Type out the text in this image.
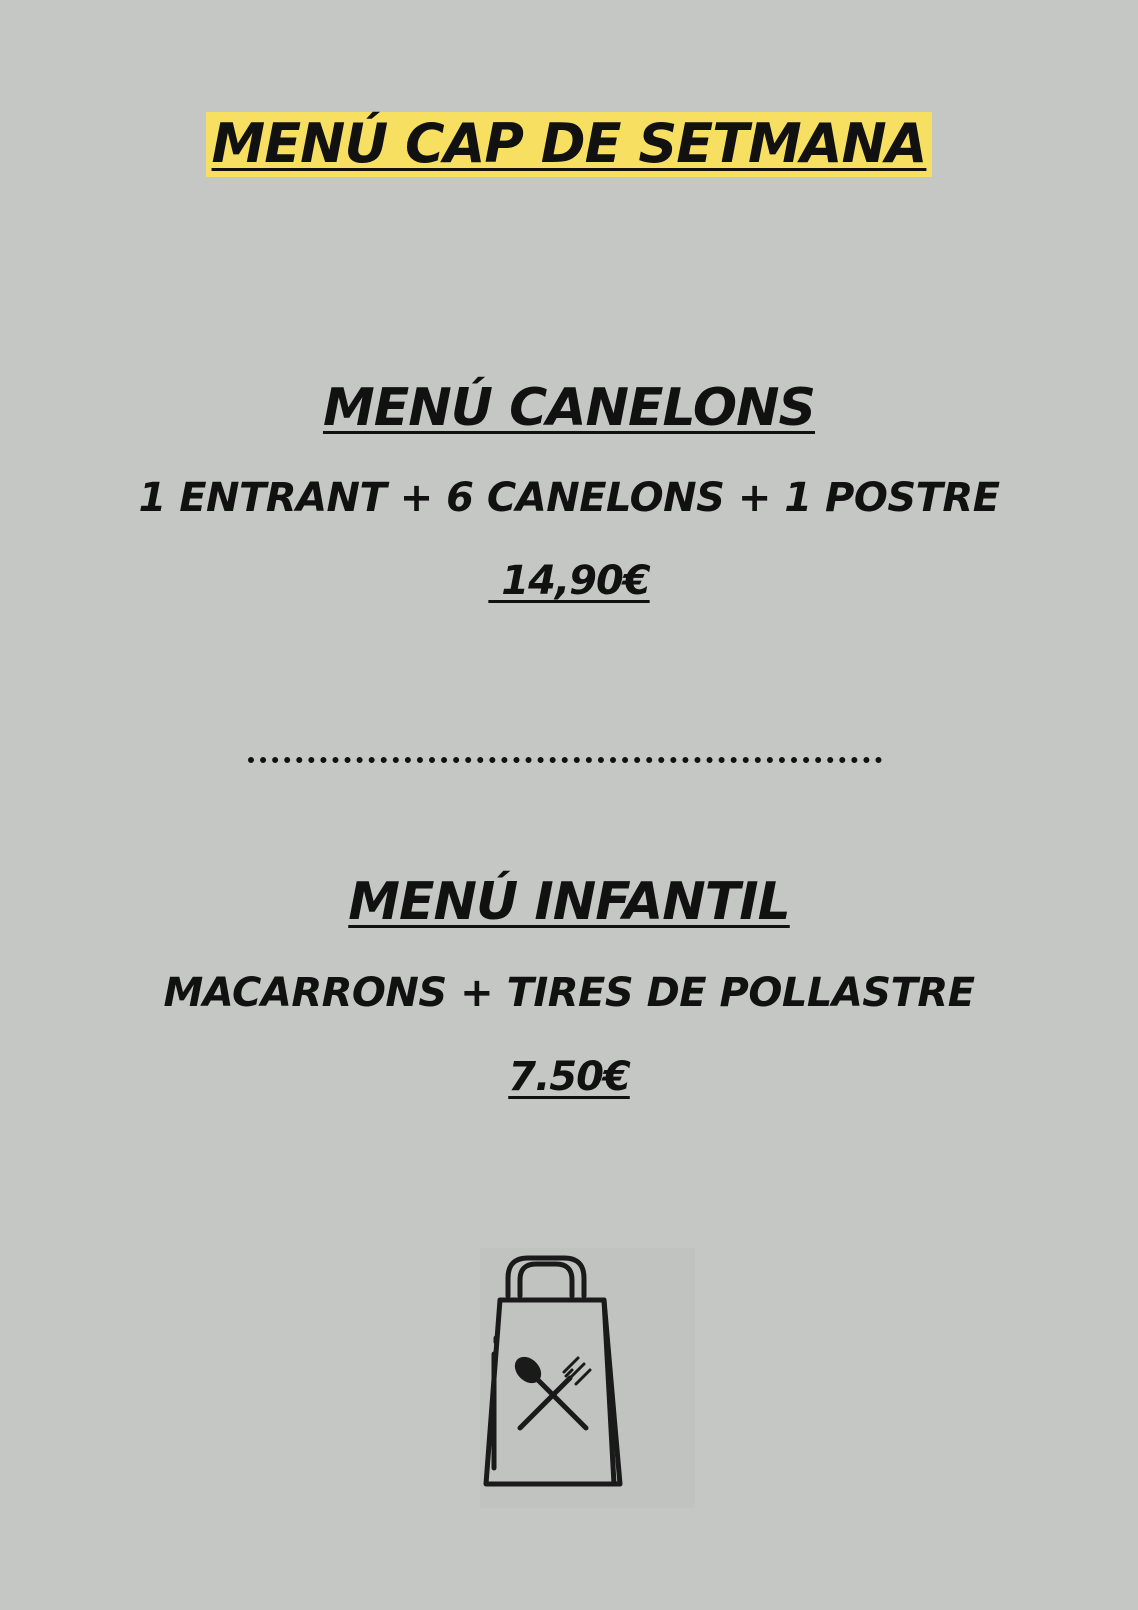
MENÚ CAP DE SETMANA
MENÚ CANELONS
1 ENTRANT + 6 CANELONS + 1 POSTRE
14,90€
MENÚ INFANTIL
MACARRONS + TIRES DE POLLASTRE
7.50€
